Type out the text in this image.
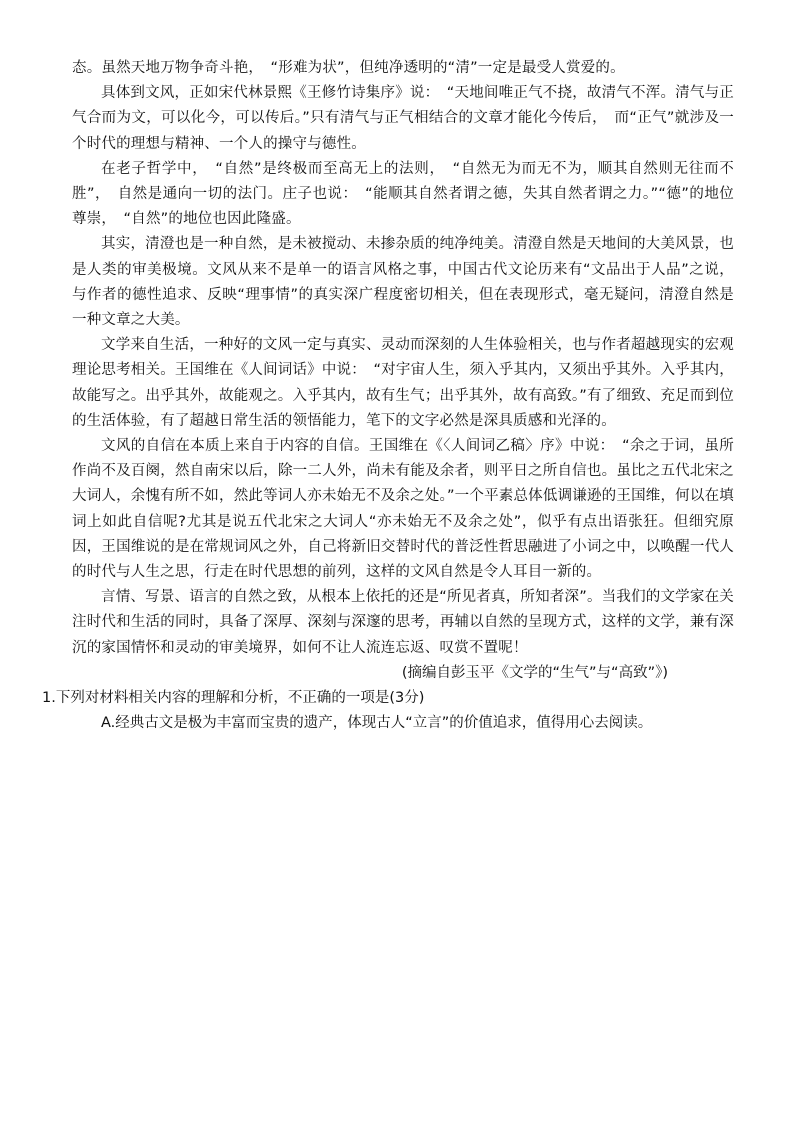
态。虽然天地万物争奇斗艳，　“形难为状”，但纯净透明的“清”一定是最受人赏爱的。

具体到文风，正如宋代林景熙《王修竹诗集序》说：　“天地间唯正气不挠，故清气不浑。清气与正气合而为文，可以化今，可以传后。”只有清气与正气相结合的文章才能化今传后，　而“正气”就涉及一个时代的理想与精神、一个人的操守与德性。

在老子哲学中，　“自然”是终极而至高无上的法则，　“自然无为而无不为，顺其自然则无往而不胜”，　自然是通向一切的法门。庄子也说：　“能顺其自然者谓之德，失其自然者谓之力。”“德”的地位尊崇，　“自然”的地位也因此隆盛。

其实，清澄也是一种自然，是未被搅动、未掺杂质的纯净纯美。清澄自然是天地间的大美风景，也是人类的审美极境。文风从来不是单一的语言风格之事，中国古代文论历来有“文品出于人品”之说，与作者的德性追求、反映“理事情”的真实深广程度密切相关，但在表现形式，毫无疑问，清澄自然是一种文章之大美。

文学来自生活，一种好的文风一定与真实、灵动而深刻的人生体验相关，也与作者超越现实的宏观理论思考相关。王国维在《人间词话》中说：　“对宇宙人生，须入乎其内，又须出乎其外。入乎其内，故能写之。出乎其外，故能观之。入乎其内，故有生气；出乎其外，故有高致。”有了细致、充足而到位的生活体验，有了超越日常生活的领悟能力，笔下的文字必然是深具质感和光泽的。

文风的自信在本质上来自于内容的自信。王国维在《〈人间词乙稿〉序》中说：　“余之于词，虽所作尚不及百阕，然自南宋以后，除一二人外，尚未有能及余者，则平日之所自信也。虽比之五代北宋之大词人，余愧有所不如，然此等词人亦未始无不及余之处。”一个平素总体低调谦逊的王国维，何以在填词上如此自信呢?尤其是说五代北宋之大词人“亦未始无不及余之处”，似乎有点出语张狂。但细究原因，王国维说的是在常规词风之外，自己将新旧交替时代的普泛性哲思融进了小词之中，以唤醒一代人的时代与人生之思，行走在时代思想的前列，这样的文风自然是令人耳目一新的。

言情、写景、语言的自然之致，从根本上依托的还是“所见者真，所知者深”。当我们的文学家在关注时代和生活的同时，具备了深厚、深刻与深邃的思考，再辅以自然的呈现方式，这样的文学，兼有深沉的家国情怀和灵动的审美境界，如何不让人流连忘返、叹赏不置呢！

(摘编自彭玉平《文学的“生气”与“高致”》)

1.下列对材料相关内容的理解和分析，不正确的一项是(3分)

A.经典古文是极为丰富而宝贵的遗产，体现古人“立言”的价值追求，值得用心去阅读。
